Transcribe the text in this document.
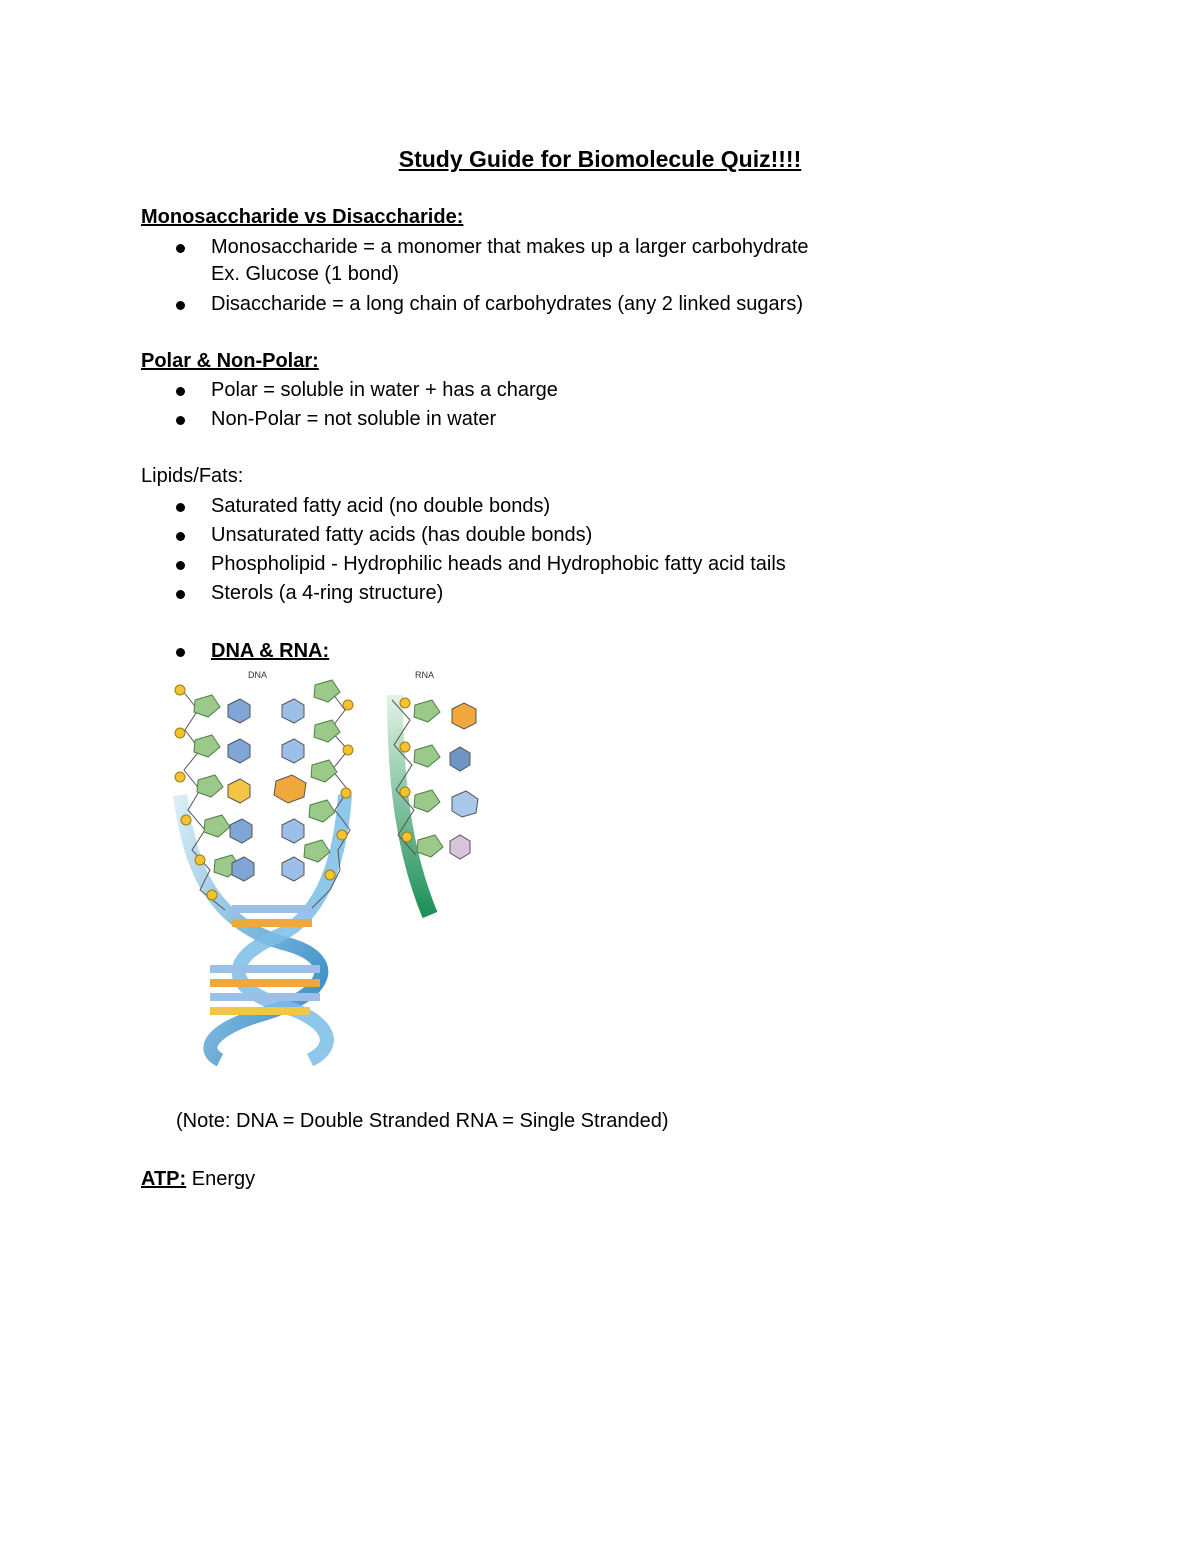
Study Guide for Biomolecule Quiz!!!!
Monosaccharide vs Disaccharide:
Monosaccharide = a monomer that makes up a larger carbohydrate
Ex. Glucose (1 bond)
Disaccharide = a long chain of carbohydrates (any 2 linked sugars)
Polar & Non-Polar:
Polar = soluble in water + has a charge
Non-Polar = not soluble in water
Lipids/Fats:
Saturated fatty acid (no double bonds)
Unsaturated fatty acids (has double bonds)
Phospholipid - Hydrophilic heads and Hydrophobic fatty acid tails
Sterols (a 4-ring structure)
DNA & RNA:
DNA	RNA
(Note: DNA = Double Stranded RNA = Single Stranded)
ATP: Energy
